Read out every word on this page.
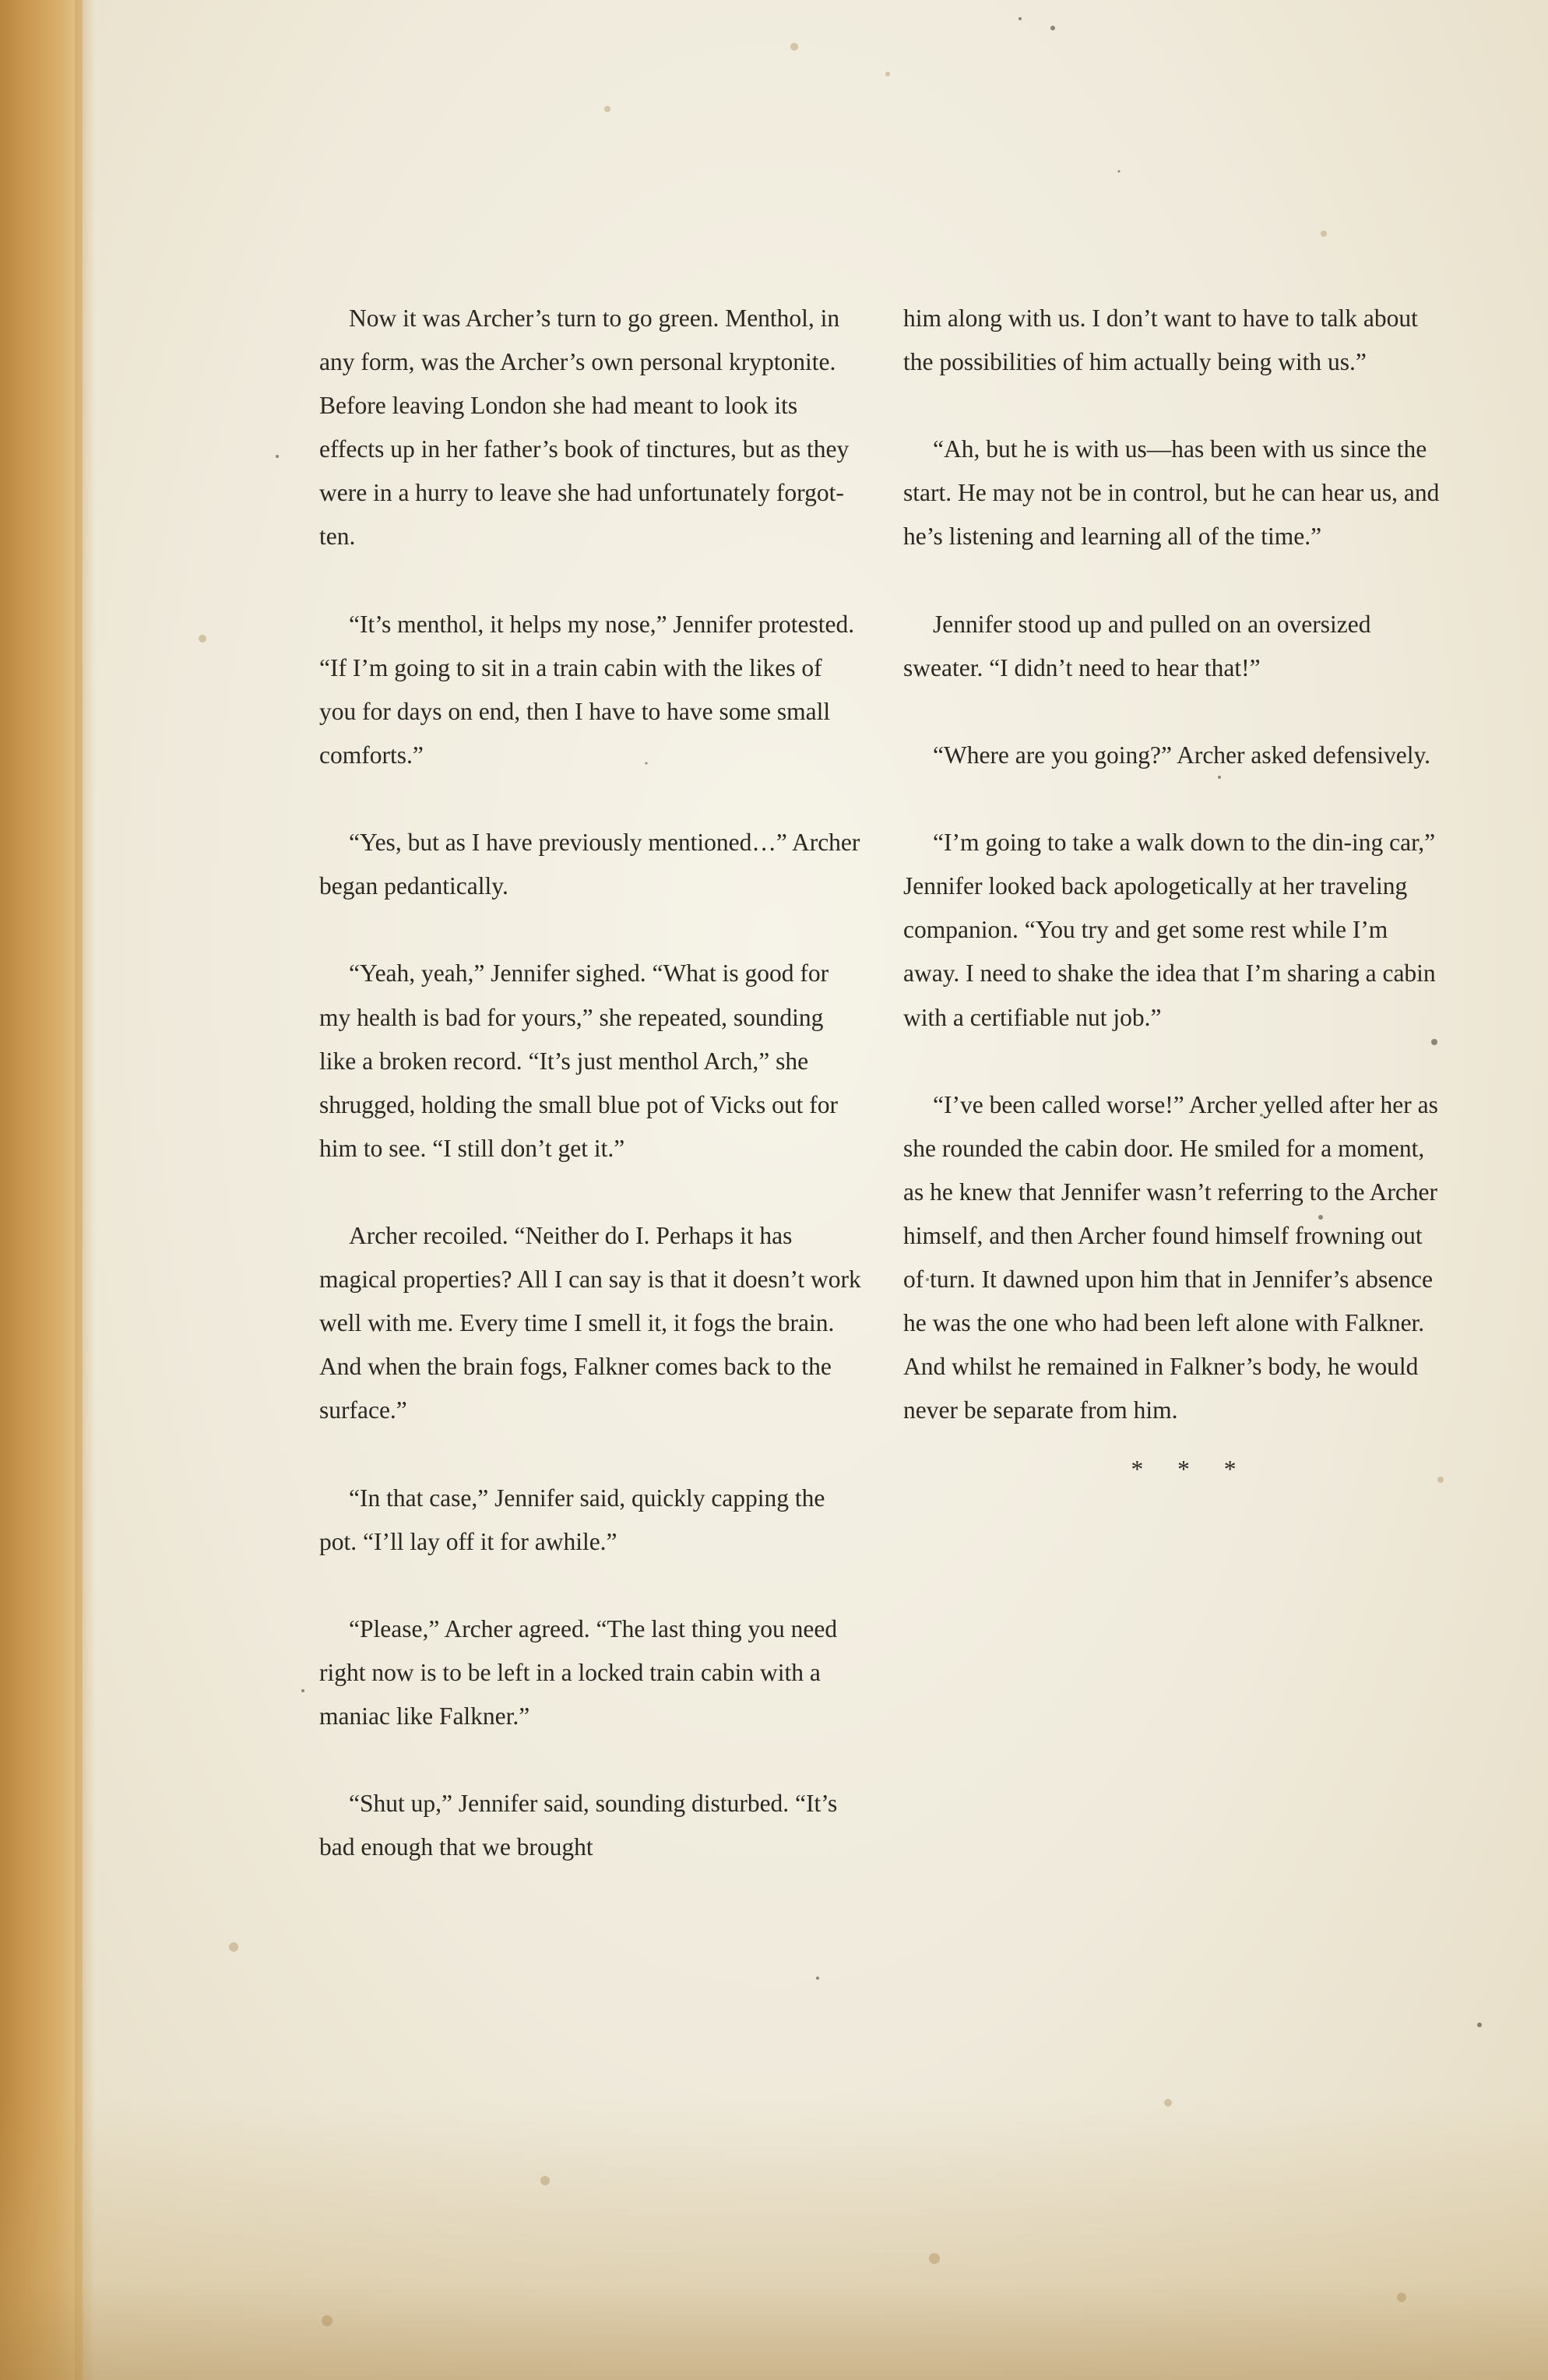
Now it was Archer’s turn to go green. Menthol, in any form, was the Archer’s own personal kryptonite. Before leaving London she had meant to look its effects up in her father’s book of tinctures, but as they were in a hurry to leave she had unfortunately forgot-ten.

“It’s menthol, it helps my nose,” Jennifer protested. “If I’m going to sit in a train cabin with the likes of you for days on end, then I have to have some small comforts.”

“Yes, but as I have previously mentioned…” Archer began pedantically.

“Yeah, yeah,” Jennifer sighed. “What is good for my health is bad for yours,” she repeated, sounding like a broken record. “It’s just menthol Arch,” she shrugged, holding the small blue pot of Vicks out for him to see. “I still don’t get it.”

Archer recoiled. “Neither do I. Perhaps it has magical properties? All I can say is that it doesn’t work well with me. Every time I smell it, it fogs the brain. And when the brain fogs, Falkner comes back to the surface.”

“In that case,” Jennifer said, quickly capping the pot. “I’ll lay off it for awhile.”

“Please,” Archer agreed. “The last thing you need right now is to be left in a locked train cabin with a maniac like Falkner.”

“Shut up,” Jennifer said, sounding disturbed. “It’s bad enough that we brought

him along with us. I don’t want to have to talk about the possibilities of him actually being with us.”

“Ah, but he is with us—has been with us since the start. He may not be in control, but he can hear us, and he’s listening and learning all of the time.”

Jennifer stood up and pulled on an oversized sweater. “I didn’t need to hear that!”

“Where are you going?” Archer asked defensively.

“I’m going to take a walk down to the din-ing car,” Jennifer looked back apologetically at her traveling companion. “You try and get some rest while I’m away. I need to shake the idea that I’m sharing a cabin with a certifiable nut job.”

“I’ve been called worse!” Archer yelled after her as she rounded the cabin door. He smiled for a moment, as he knew that Jennifer wasn’t referring to the Archer himself, and then Archer found himself frowning out of turn. It dawned upon him that in Jennifer’s absence he was the one who had been left alone with Falkner. And whilst he remained in Falkner’s body, he would never be separate from him.

* * *
